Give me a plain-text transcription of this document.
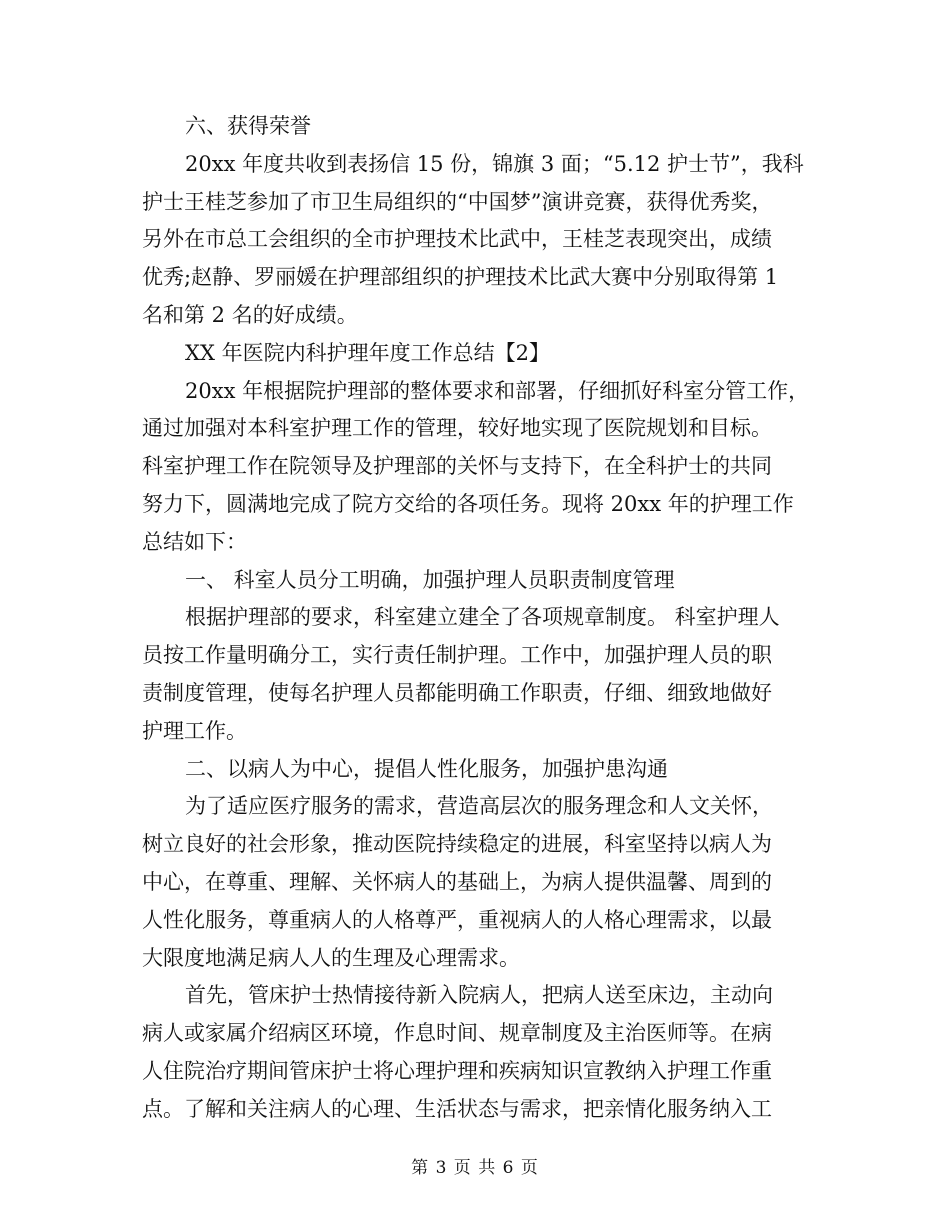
六、获得荣誉
20xx 年度共收到表扬信 15 份，锦旗 3 面；“5.12 护士节”，我科
护士王桂芝参加了市卫生局组织的“中国梦”演讲竞赛，获得优秀奖，
另外在市总工会组织的全市护理技术比武中，王桂芝表现突出，成绩
优秀;赵静、罗丽媛在护理部组织的护理技术比武大赛中分别取得第 1
名和第 2 名的好成绩。
XX 年医院内科护理年度工作总结【2】
20xx 年根据院护理部的整体要求和部署，仔细抓好科室分管工作，
通过加强对本科室护理工作的管理，较好地实现了医院规划和目标。
科室护理工作在院领导及护理部的关怀与支持下，在全科护士的共同
努力下，圆满地完成了院方交给的各项任务。现将 20xx 年的护理工作
总结如下：
一、 科室人员分工明确，加强护理人员职责制度管理
根据护理部的要求，科室建立建全了各项规章制度。 科室护理人
员按工作量明确分工，实行责任制护理。工作中，加强护理人员的职
责制度管理，使每名护理人员都能明确工作职责，仔细、细致地做好
护理工作。
二、以病人为中心，提倡人性化服务，加强护患沟通
为了适应医疗服务的需求，营造高层次的服务理念和人文关怀，
树立良好的社会形象，推动医院持续稳定的进展，科室坚持以病人为
中心，在尊重、理解、关怀病人的基础上，为病人提供温馨、周到的
人性化服务，尊重病人的人格尊严，重视病人的人格心理需求，以最
大限度地满足病人人的生理及心理需求。
首先，管床护士热情接待新入院病人，把病人送至床边，主动向
病人或家属介绍病区环境，作息时间、规章制度及主治医师等。在病
人住院治疗期间管床护士将心理护理和疾病知识宣教纳入护理工作重
点。了解和关注病人的心理、生活状态与需求，把亲情化服务纳入工
第 3 页 共 6 页
